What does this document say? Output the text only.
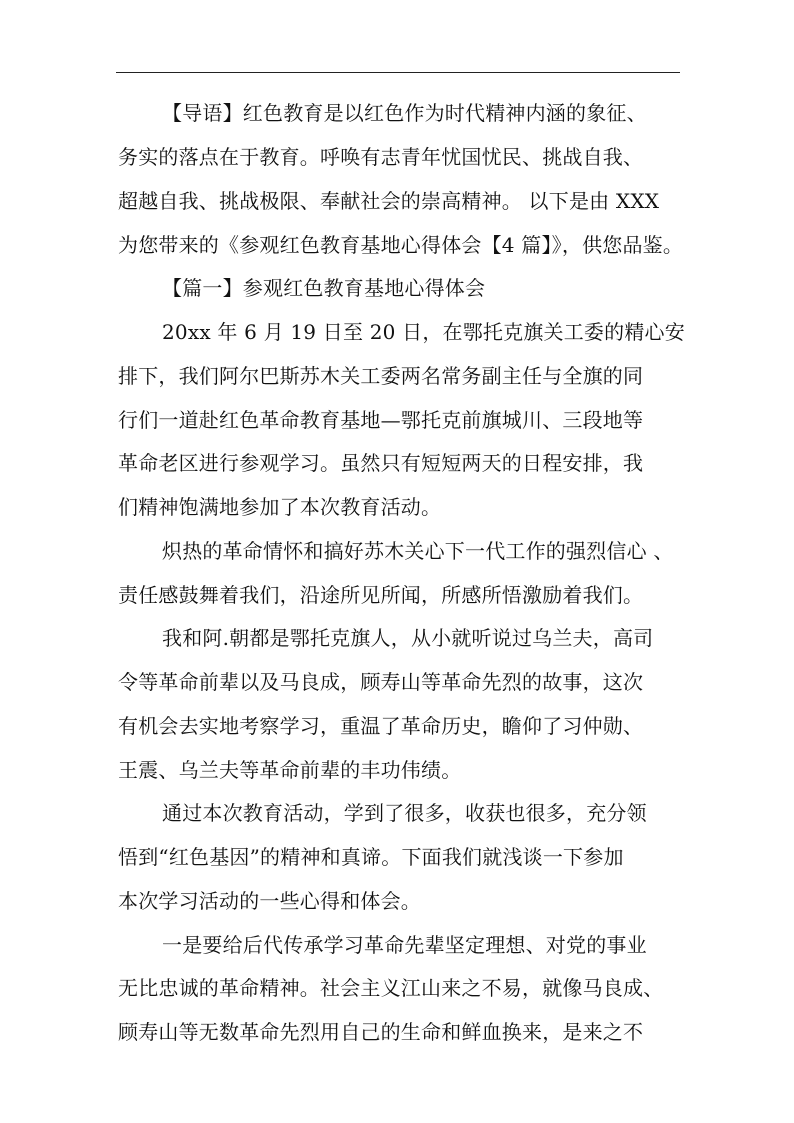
【导语】红色教育是以红色作为时代精神内涵的象征、
务实的落点在于教育。呼唤有志青年忧国忧民、挑战自我、
超越自我、挑战极限、奉献社会的崇高精神。 以下是由 XXX
为您带来的《参观红色教育基地心得体会【4 篇】》，供您品鉴。
【篇一】参观红色教育基地心得体会
20xx 年 6 月 19 日至 20 日，在鄂托克旗关工委的精心安
排下，我们阿尔巴斯苏木关工委两名常务副主任与全旗的同
行们一道赴红色革命教育基地—鄂托克前旗城川、三段地等
革命老区进行参观学习。虽然只有短短两天的日程安排，我
们精神饱满地参加了本次教育活动。
炽热的革命情怀和搞好苏木关心下一代工作的强烈信心 、
责任感鼓舞着我们，沿途所见所闻，所感所悟激励着我们。
我和阿.朝都是鄂托克旗人，从小就听说过乌兰夫，高司
令等革命前辈以及马良成，顾寿山等革命先烈的故事，这次
有机会去实地考察学习，重温了革命历史，瞻仰了习仲勋、
王震、乌兰夫等革命前辈的丰功伟绩。
通过本次教育活动，学到了很多，收获也很多，充分领
悟到“红色基因”的精神和真谛。下面我们就浅谈一下参加
本次学习活动的一些心得和体会。
一是要给后代传承学习革命先辈坚定理想、对党的事业
无比忠诚的革命精神。社会主义江山来之不易，就像马良成、
顾寿山等无数革命先烈用自己的生命和鲜血换来，是来之不
